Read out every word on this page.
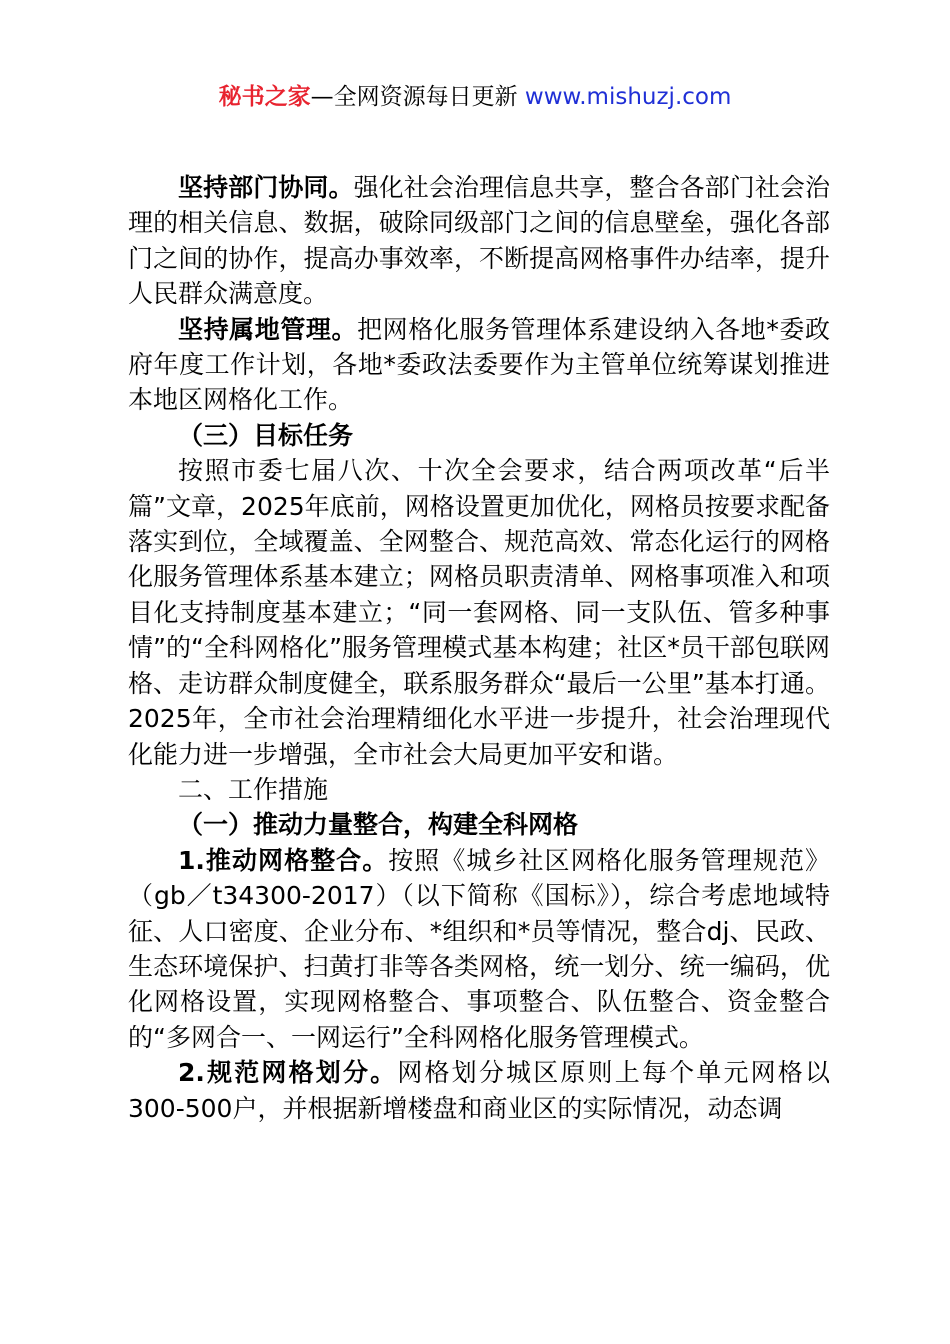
秘书之家—全网资源每日更新 www.mishuzj.com

坚持部门协同。强化社会治理信息共享，整合各部门社会治理的相关信息、数据，破除同级部门之间的信息壁垒，强化各部门之间的协作，提高办事效率，不断提高网格事件办结率，提升人民群众满意度。

坚持属地管理。把网格化服务管理体系建设纳入各地*委政府年度工作计划，各地*委政法委要作为主管单位统筹谋划推进本地区网格化工作。

（三）目标任务

按照市委七届八次、十次全会要求，结合两项改革“后半篇”文章，2025年底前，网格设置更加优化，网格员按要求配备落实到位，全域覆盖、全网整合、规范高效、常态化运行的网格化服务管理体系基本建立；网格员职责清单、网格事项准入和项目化支持制度基本建立；“同一套网格、同一支队伍、管多种事情”的“全科网格化”服务管理模式基本构建；社区*员干部包联网格、走访群众制度健全，联系服务群众“最后一公里”基本打通。2025年，全市社会治理精细化水平进一步提升，社会治理现代化能力进一步增强，全市社会大局更加平安和谐。

二、工作措施

（一）推动力量整合，构建全科网格

1.推动网格整合。按照《城乡社区网格化服务管理规范》（gb／t34300-2017）（以下简称《国标》），综合考虑地域特征、人口密度、企业分布、*组织和*员等情况，整合dj、民政、生态环境保护、扫黄打非等各类网格，统一划分、统一编码，优化网格设置，实现网格整合、事项整合、队伍整合、资金整合的“多网合一、一网运行”全科网格化服务管理模式。

2.规范网格划分。网格划分城区原则上每个单元网格以300-500户，并根据新增楼盘和商业区的实际情况，动态调
